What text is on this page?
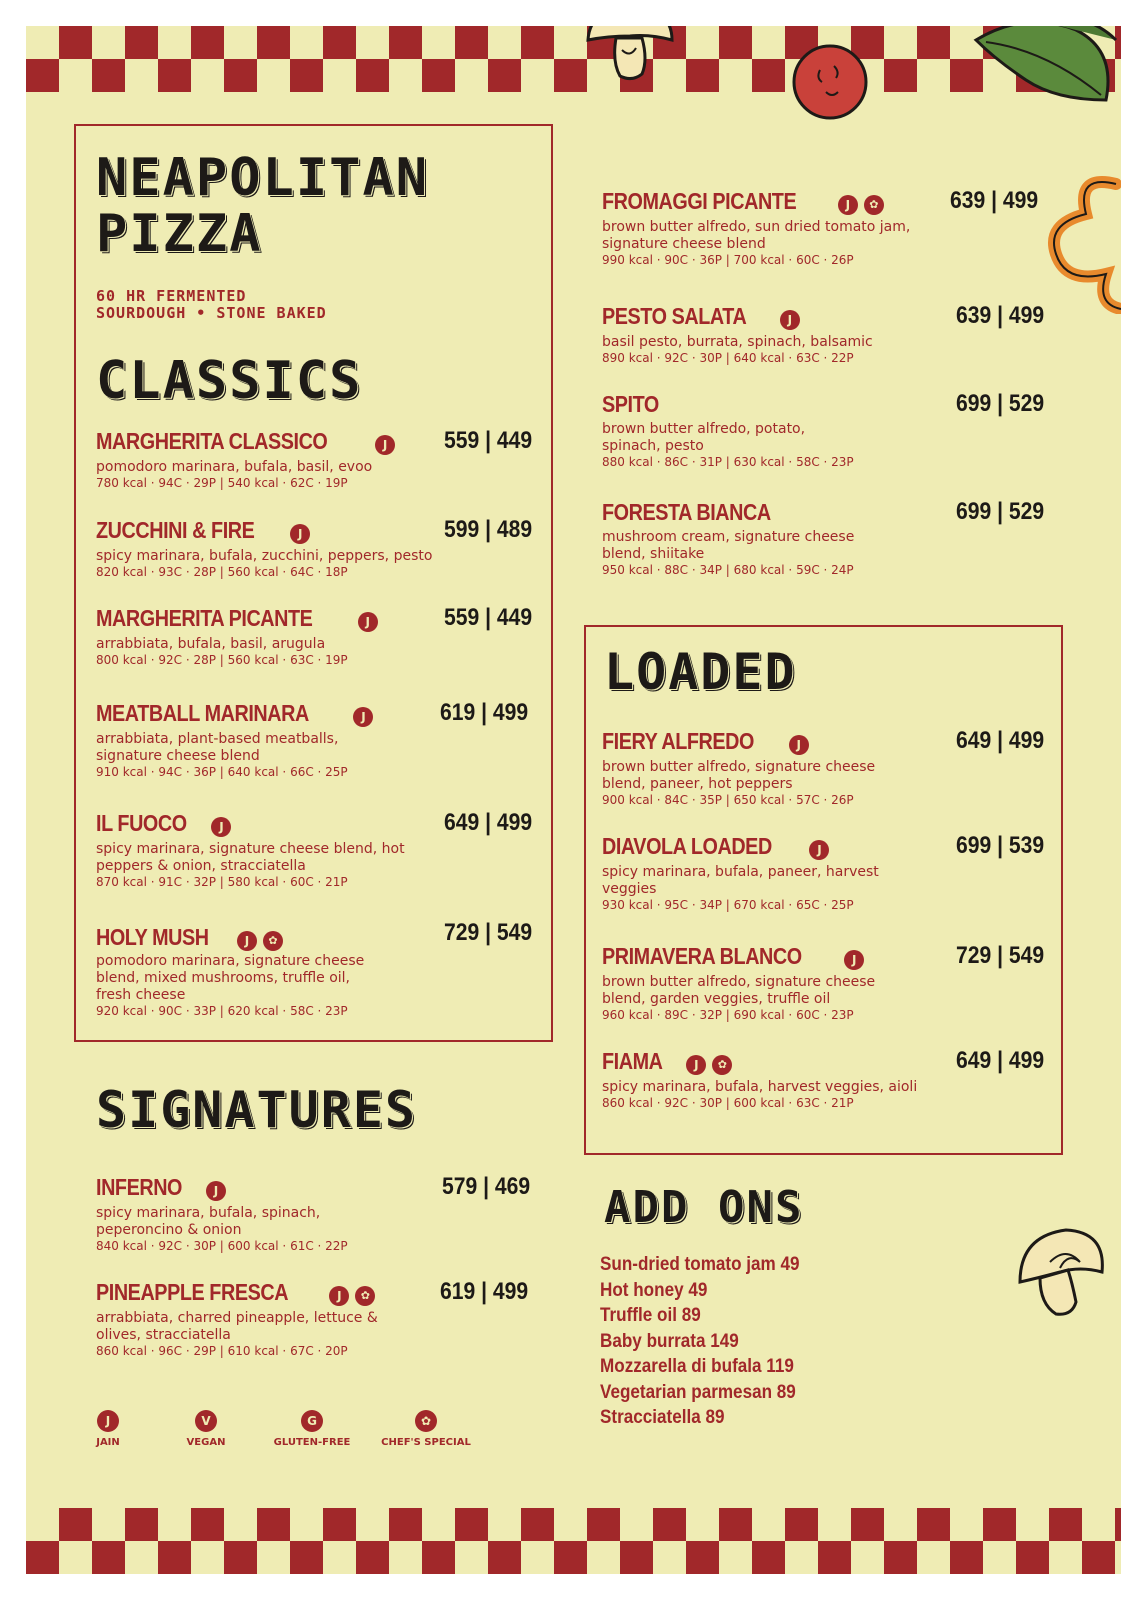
NEAPOLITAN
PIZZA
60 HR FERMENTED
SOURDOUGH • STONE BAKED
CLASSICS
MARGHERITA CLASSICO	J 559 | 449
pomodoro marinara, bufala, basil, evoo
780 kcal · 94C · 29P | 540 kcal · 62C · 19P
ZUCCHINI & FIRE	J	599 | 489
spicy marinara, bufala, zucchini, peppers, pesto
820 kcal · 93C · 28P | 560 kcal · 64C · 18P
MARGHERITA PICANTE	J	559 | 449
arrabbiata, bufala, basil, arugula
800 kcal · 92C · 28P | 560 kcal · 63C · 19P
MEATBALL MARINARA	J	619 | 499
arrabbiata, plant-based meatballs, signature cheese blend
910 kcal · 94C · 36P | 640 kcal · 66C · 25P
IL FUOCO	J	649 | 499
spicy marinara, signature cheese blend, hot peppers & onion, stracciatella
870 kcal · 91C · 32P | 580 kcal · 60C · 21P
HOLY MUSH	J ✿	729 | 549
pomodoro marinara, signature cheese blend, mixed mushrooms, truffle oil, fresh cheese
920 kcal · 90C · 33P | 620 kcal · 58C · 23P
SIGNATURES
INFERNO	J	579 | 469
spicy marinara, bufala, spinach, peperoncino & onion
840 kcal · 92C · 30P | 600 kcal · 61C · 22P
PINEAPPLE FRESCA	J ✿	619 | 499
arrabbiata, charred pineapple, lettuce & olives, stracciatella
860 kcal · 96C · 29P | 610 kcal · 67C · 20P
FROMAGGI PICANTE	J ✿	639 | 499
brown butter alfredo, sun dried tomato jam, signature cheese blend
990 kcal · 90C · 36P | 700 kcal · 60C · 26P
PESTO SALATA	J	639 | 499
basil pesto, burrata, spinach, balsamic
890 kcal · 92C · 30P | 640 kcal · 63C · 22P
SPITO	699 | 529
brown butter alfredo, potato, spinach, pesto
880 kcal · 86C · 31P | 630 kcal · 58C · 23P
FORESTA BIANCA	699 | 529
mushroom cream, signature cheese blend, shiitake
950 kcal · 88C · 34P | 680 kcal · 59C · 24P
LOADED
FIERY ALFREDO	J	649 | 499
brown butter alfredo, signature cheese blend, paneer, hot peppers
900 kcal · 84C · 35P | 650 kcal · 57C · 26P
DIAVOLA LOADED	J	699 | 539
spicy marinara, bufala, paneer, harvest veggies
930 kcal · 95C · 34P | 670 kcal · 65C · 25P
PRIMAVERA BLANCO	J	729 | 549
brown butter alfredo, signature cheese blend, garden veggies, truffle oil
960 kcal · 89C · 32P | 690 kcal · 60C · 23P
FIAMA	J ✿	649 | 499
spicy marinara, bufala, harvest veggies, aioli
860 kcal · 92C · 30P | 600 kcal · 63C · 21P
ADD ONS
Sun-dried tomato jam 49
Hot honey 49
Truffle oil 89
Baby burrata 149
Mozzarella di bufala 119
Vegetarian parmesan 89
Stracciatella 89
J
JAIN
V
VEGAN
G
GLUTEN-FREE
✿
CHEF'S SPECIAL
